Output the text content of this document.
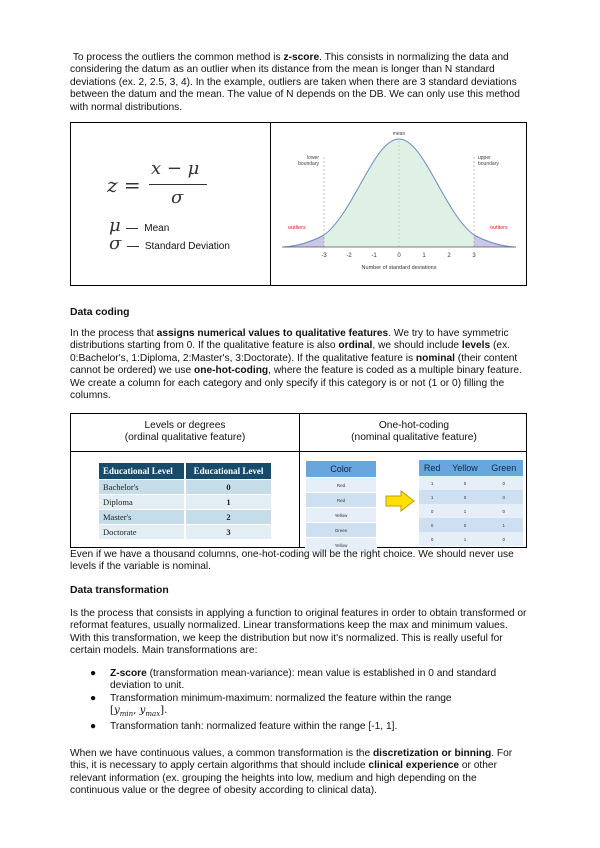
To process the outliers the common method is z-score. This consists in normalizing the data and considering the datum as an outlier when its distance from the mean is longer than N standard deviations (ex. 2, 2.5, 3, 4). In the example, outliers are taken when there are 3 standard deviations between the datum and the mean. The value of N depends on the DB. We can only use this method with normal distributions.

z =
x − μ
σ
μ Mean
σ Standard Deviation
mean
lower boundary
upper boundary
outliers	outliers
-3	-2	-1	0	1	2	3
Number of standard deviations
Data coding

In the process that assigns numerical values to qualitative features. We try to have symmetric distributions starting from 0. If the qualitative feature is also ordinal, we should include levels (ex. 0:Bachelor's, 1:Diploma, 2:Master's, 3:Doctorate). If the qualitative feature is nominal (their content cannot be ordered) we use one-hot-coding, where the feature is coded as a multiple binary feature. We create a column for each category and only specify if this category is or not (1 or 0) filling the columns.

Levels or degrees
(ordinal qualitative feature)
One-hot-coding
(nominal qualitative feature)
Educational Level	Educational Level
Bachelor's	0
Diploma	1
Master's	2
Doctorate	3
Color
Red
Red
Yellow
Green
Yellow
Red	Yellow	Green
1	0	0
1	0	0
0	1	0
0	0	1
0	1	0

Even if we have a thousand columns, one-hot-coding will be the right choice. We should never use levels if the variable is nominal.

Data transformation

Is the process that consists in applying a function to original features in order to obtain transformed or reformat features, usually normalized. Linear transformations keep the max and minimum values. With this transformation, we keep the distribution but now it's normalized. This is really useful for certain models. Main transformations are:

● Z-score (transformation mean-variance): mean value is established in 0 and standard deviation to unit.
● Transformation minimum-maximum: normalized the feature within the range
[$y_{min}$, $y_{max}$].
● Transformation tanh: normalized feature within the range [-1, 1].

When we have continuous values, a common transformation is the discretization or binning. For this, it is necessary to apply certain algorithms that should include clinical experience or other relevant information (ex. grouping the heights into low, medium and high depending on the continuous value or the degree of obesity according to clinical data).
